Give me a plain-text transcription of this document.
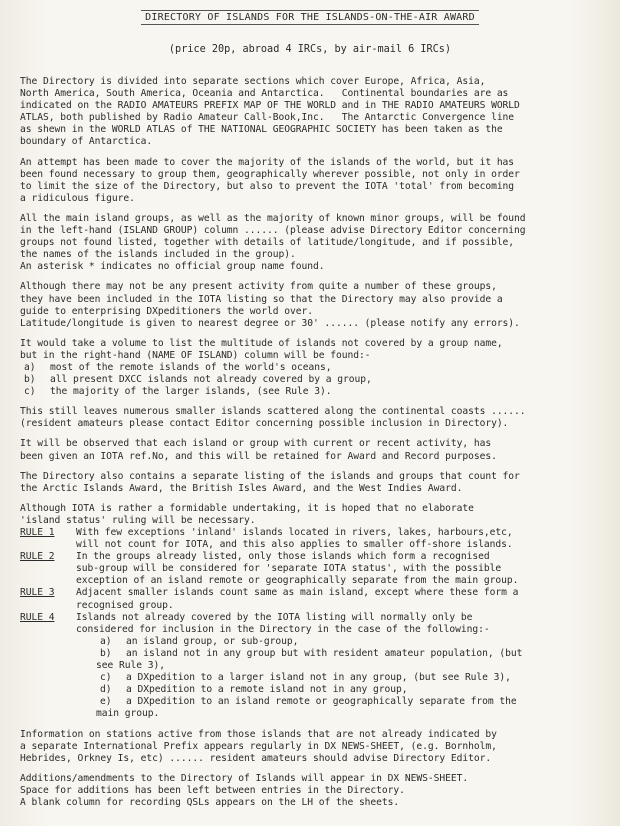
DIRECTORY OF ISLANDS FOR THE ISLANDS-ON-THE-AIR AWARD
(price 20p, abroad 4 IRCs, by air-mail 6 IRCs)
The Directory is divided into separate sections which cover Europe, Africa, Asia,
North America, South America, Oceania and Antarctica.   Continental boundaries are as
indicated on the RADIO AMATEURS PREFIX MAP OF THE WORLD and in THE RADIO AMATEURS WORLD
ATLAS, both published by Radio Amateur Call-Book,Inc.   The Antarctic Convergence line
as shewn in the WORLD ATLAS of THE NATIONAL GEOGRAPHIC SOCIETY has been taken as the
boundary of Antarctica.
An attempt has been made to cover the majority of the islands of the world, but it has
been found necessary to group them, geographically wherever possible, not only in order
to limit the size of the Directory, but also to prevent the IOTA 'total' from becoming
a ridiculous figure.
All the main island groups, as well as the majority of known minor groups, will be found
in the left-hand (ISLAND GROUP) column ...... (please advise Directory Editor concerning
groups not found listed, together with details of latitude/longitude, and if possible,
the names of the islands included in the group).
An asterisk * indicates no official group name found.
Although there may not be any present activity from quite a number of these groups,
they have been included in the IOTA listing so that the Directory may also provide a
guide to enterprising DXpeditioners the world over.
Latitude/longitude is given to nearest degree or 30' ...... (please notify any errors).
It would take a volume to list the multitude of islands not covered by a group name,
but in the right-hand (NAME OF ISLAND) column will be found:-
a) most of the remote islands of the world's oceans,
b) all present DXCC islands not already covered by a group,
c) the majority of the larger islands, (see Rule 3).
This still leaves numerous smaller islands scattered along the continental coasts ......
(resident amateurs please contact Editor concerning possible inclusion in Directory).
It will be observed that each island or group with current or recent activity, has
been given an IOTA ref.No, and this will be retained for Award and Record purposes.
The Directory also contains a separate listing of the islands and groups that count for
the Arctic Islands Award, the British Isles Award, and the West Indies Award.
Although IOTA is rather a formidable undertaking, it is hoped that no elaborate
'island status' ruling will be necessary.
RULE 1	With few exceptions 'inland' islands located in rivers, lakes, harbours,etc,
will not count for IOTA, and this also applies to smaller off-shore islands.
RULE 2	In the groups already listed, only those islands which form a recognised
sub-group will be considered for 'separate IOTA status', with the possible
exception of an island remote or geographically separate from the main group.
RULE 3	Adjacent smaller islands count same as main island, except where these form a
recognised group.
RULE 4	Islands not already covered by the IOTA listing will normally only be
considered for inclusion in the Directory in the case of the following:-
a) an island group, or sub-group,
b) an island not in any group but with resident amateur population, (but
see Rule 3),
c) a DXpedition to a larger island not in any group, (but see Rule 3),
d) a DXpedition to a remote island not in any group,
e) a DXpedition to an island remote or geographically separate from the
main group.
Information on stations active from those islands that are not already indicated by
a separate International Prefix appears regularly in DX NEWS-SHEET, (e.g. Bornholm,
Hebrides, Orkney Is, etc) ...... resident amateurs should advise Directory Editor.
Additions/amendments to the Directory of Islands will appear in DX NEWS-SHEET.
Space for additions has been left between entries in the Directory.
A blank column for recording QSLs appears on the LH of the sheets.
